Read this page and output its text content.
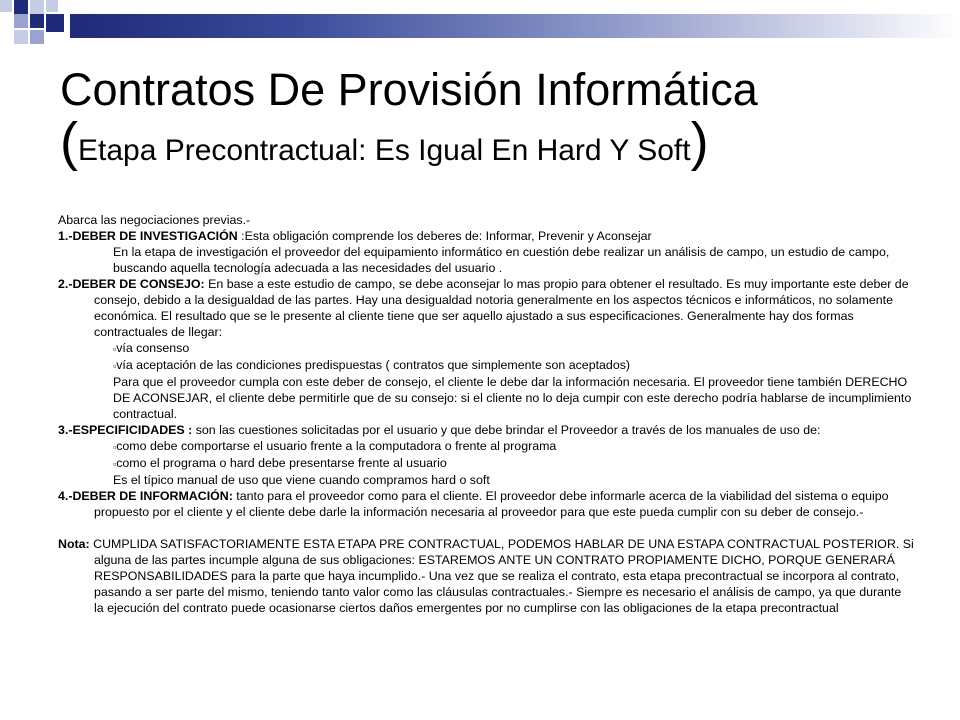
Contratos De Provisión Informática
(Etapa Precontractual: Es Igual En Hard Y Soft)

Abarca las negociaciones previas.-

1.-DEBER DE INVESTIGACIÓN :Esta obligación comprende los deberes de: Informar, Prevenir y Aconsejar

En la etapa de investigación el proveedor del equipamiento informático en cuestión debe realizar un análisis de campo, un estudio de campo, buscando aquella tecnología adecuada a las necesidades del usuario .

2.-DEBER DE CONSEJO: En base a este estudio de campo, se debe aconsejar lo mas propio para obtener el resultado. Es muy importante este deber de consejo, debido a la desigualdad de las partes. Hay una desigualdad notoria generalmente en los aspectos técnicos e informáticos, no solamente económica. El resultado que se le presente al cliente tiene que ser aquello ajustado a sus especificaciones. Generalmente hay dos formas contractuales de llegar:

▫vía consenso

▫vía aceptación de las condiciones predispuestas ( contratos que simplemente son aceptados)

Para que el proveedor cumpla con este deber de consejo, el cliente le debe dar la información necesaria. El proveedor tiene también DERECHO DE ACONSEJAR, el cliente debe permitirle que de su consejo: si el cliente no lo deja cumpir con este derecho podría hablarse de incumplimiento contractual.

3.-ESPECIFICIDADES : son las cuestiones solicitadas por el usuario y que debe brindar el Proveedor a través de los manuales de uso de:

▫como debe comportarse el usuario frente a la computadora o frente al programa

▫como el programa o hard debe presentarse frente al usuario

Es el típico manual de uso que viene cuando compramos hard o soft

4.-DEBER DE INFORMACIÓN: tanto para el proveedor como para el cliente. El proveedor debe informarle acerca de la viabilidad del sistema o equipo propuesto por el cliente y el cliente debe darle la información necesaria al proveedor para que este pueda cumplir con su deber de consejo.-

Nota: CUMPLIDA SATISFACTORIAMENTE ESTA ETAPA PRE CONTRACTUAL, PODEMOS HABLAR DE UNA ESTAPA CONTRACTUAL POSTERIOR. Si alguna de las partes incumple alguna de sus obligaciones: ESTAREMOS ANTE UN CONTRATO PROPIAMENTE DICHO, PORQUE GENERARÁ RESPONSABILIDADES para la parte que haya incumplido.- Una vez que se realiza el contrato, esta etapa precontractual se incorpora al contrato, pasando a ser parte del mismo, teniendo tanto valor como las cláusulas contractuales.- Siempre es necesario el análisis de campo, ya que durante la ejecución del contrato puede ocasionarse ciertos daños emergentes por no cumplirse con las obligaciones de la etapa precontractual
